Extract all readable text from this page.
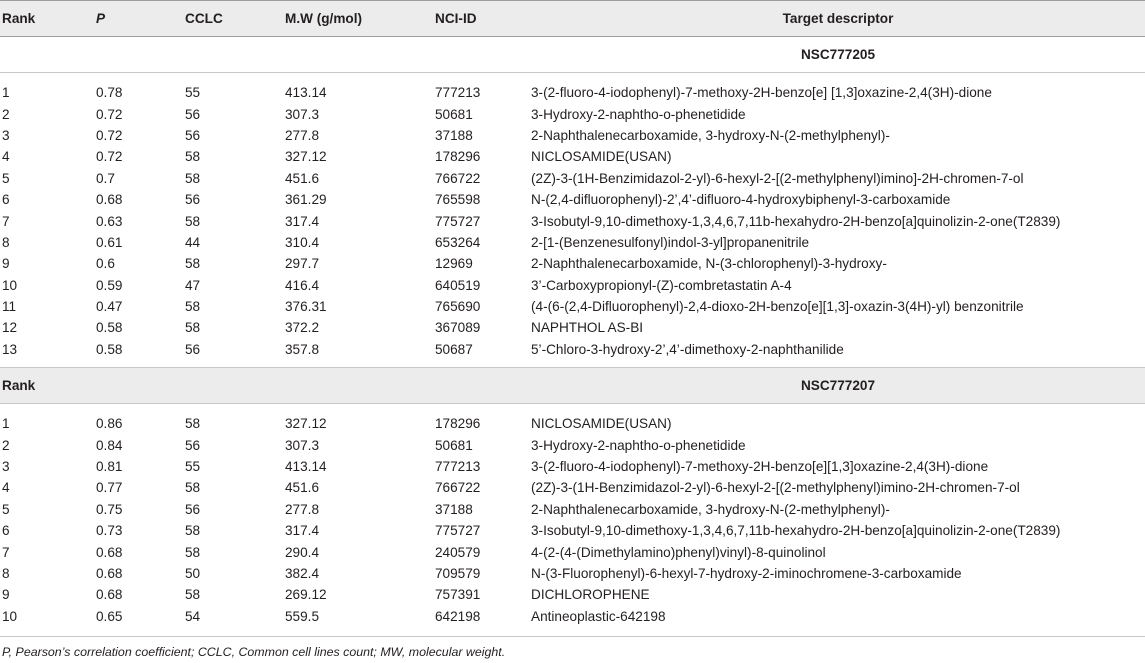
Rank	P	CCLC	M.W (g/mol)	NCI-ID	Target descriptor
					NSC777205

1	0.78	55	413.14	777213	3-(2-fluoro-4-iodophenyl)-7-methoxy-2H-benzo[e] [1,3]oxazine-2,4(3H)-dione
2	0.72	56	307.3	50681	3-Hydroxy-2-naphtho-o-phenetidide
3	0.72	56	277.8	37188	2-Naphthalenecarboxamide, 3-hydroxy-N-(2-methylphenyl)-
4	0.72	58	327.12	178296	NICLOSAMIDE(USAN)
5	0.7	58	451.6	766722	(2Z)-3-(1H-Benzimidazol-2-yl)-6-hexyl-2-[(2-methylphenyl)imino]-2H-chromen-7-ol
6	0.68	56	361.29	765598	N-(2,4-difluorophenyl)-2’,4’-difluoro-4-hydroxybiphenyl-3-carboxamide
7	0.63	58	317.4	775727	3-Isobutyl-9,10-dimethoxy-1,3,4,6,7,11b-hexahydro-2H-benzo[a]quinolizin-2-one(T2839)
8	0.61	44	310.4	653264	2-[1-(Benzenesulfonyl)indol-3-yl]propanenitrile
9	0.6	58	297.7	12969	2-Naphthalenecarboxamide, N-(3-chlorophenyl)-3-hydroxy-
10	0.59	47	416.4	640519	3’-Carboxypropionyl-(Z)-combretastatin A-4
11	0.47	58	376.31	765690	(4-(6-(2,4-Difluorophenyl)-2,4-dioxo-2H-benzo[e][1,3]-oxazin-3(4H)-yl) benzonitrile
12	0.58	58	372.2	367089	NAPHTHOL AS-BI
13	0.58	56	357.8	50687	5’-Chloro-3-hydroxy-2’,4’-dimethoxy-2-naphthanilide

Rank					NSC777207

1	0.86	58	327.12	178296	NICLOSAMIDE(USAN)
2	0.84	56	307.3	50681	3-Hydroxy-2-naphtho-o-phenetidide
3	0.81	55	413.14	777213	3-(2-fluoro-4-iodophenyl)-7-methoxy-2H-benzo[e][1,3]oxazine-2,4(3H)-dione
4	0.77	58	451.6	766722	(2Z)-3-(1H-Benzimidazol-2-yl)-6-hexyl-2-[(2-methylphenyl)imino-2H-chromen-7-ol
5	0.75	56	277.8	37188	2-Naphthalenecarboxamide, 3-hydroxy-N-(2-methylphenyl)-
6	0.73	58	317.4	775727	3-Isobutyl-9,10-dimethoxy-1,3,4,6,7,11b-hexahydro-2H-benzo[a]quinolizin-2-one(T2839)
7	0.68	58	290.4	240579	4-(2-(4-(Dimethylamino)phenyl)vinyl)-8-quinolinol
8	0.68	50	382.4	709579	N-(3-Fluorophenyl)-6-hexyl-7-hydroxy-2-iminochromene-3-carboxamide
9	0.68	58	269.12	757391	DICHLOROPHENE
10	0.65	54	559.5	642198	Antineoplastic-642198
P, Pearson’s correlation coefficient; CCLC, Common cell lines count; MW, molecular weight.
